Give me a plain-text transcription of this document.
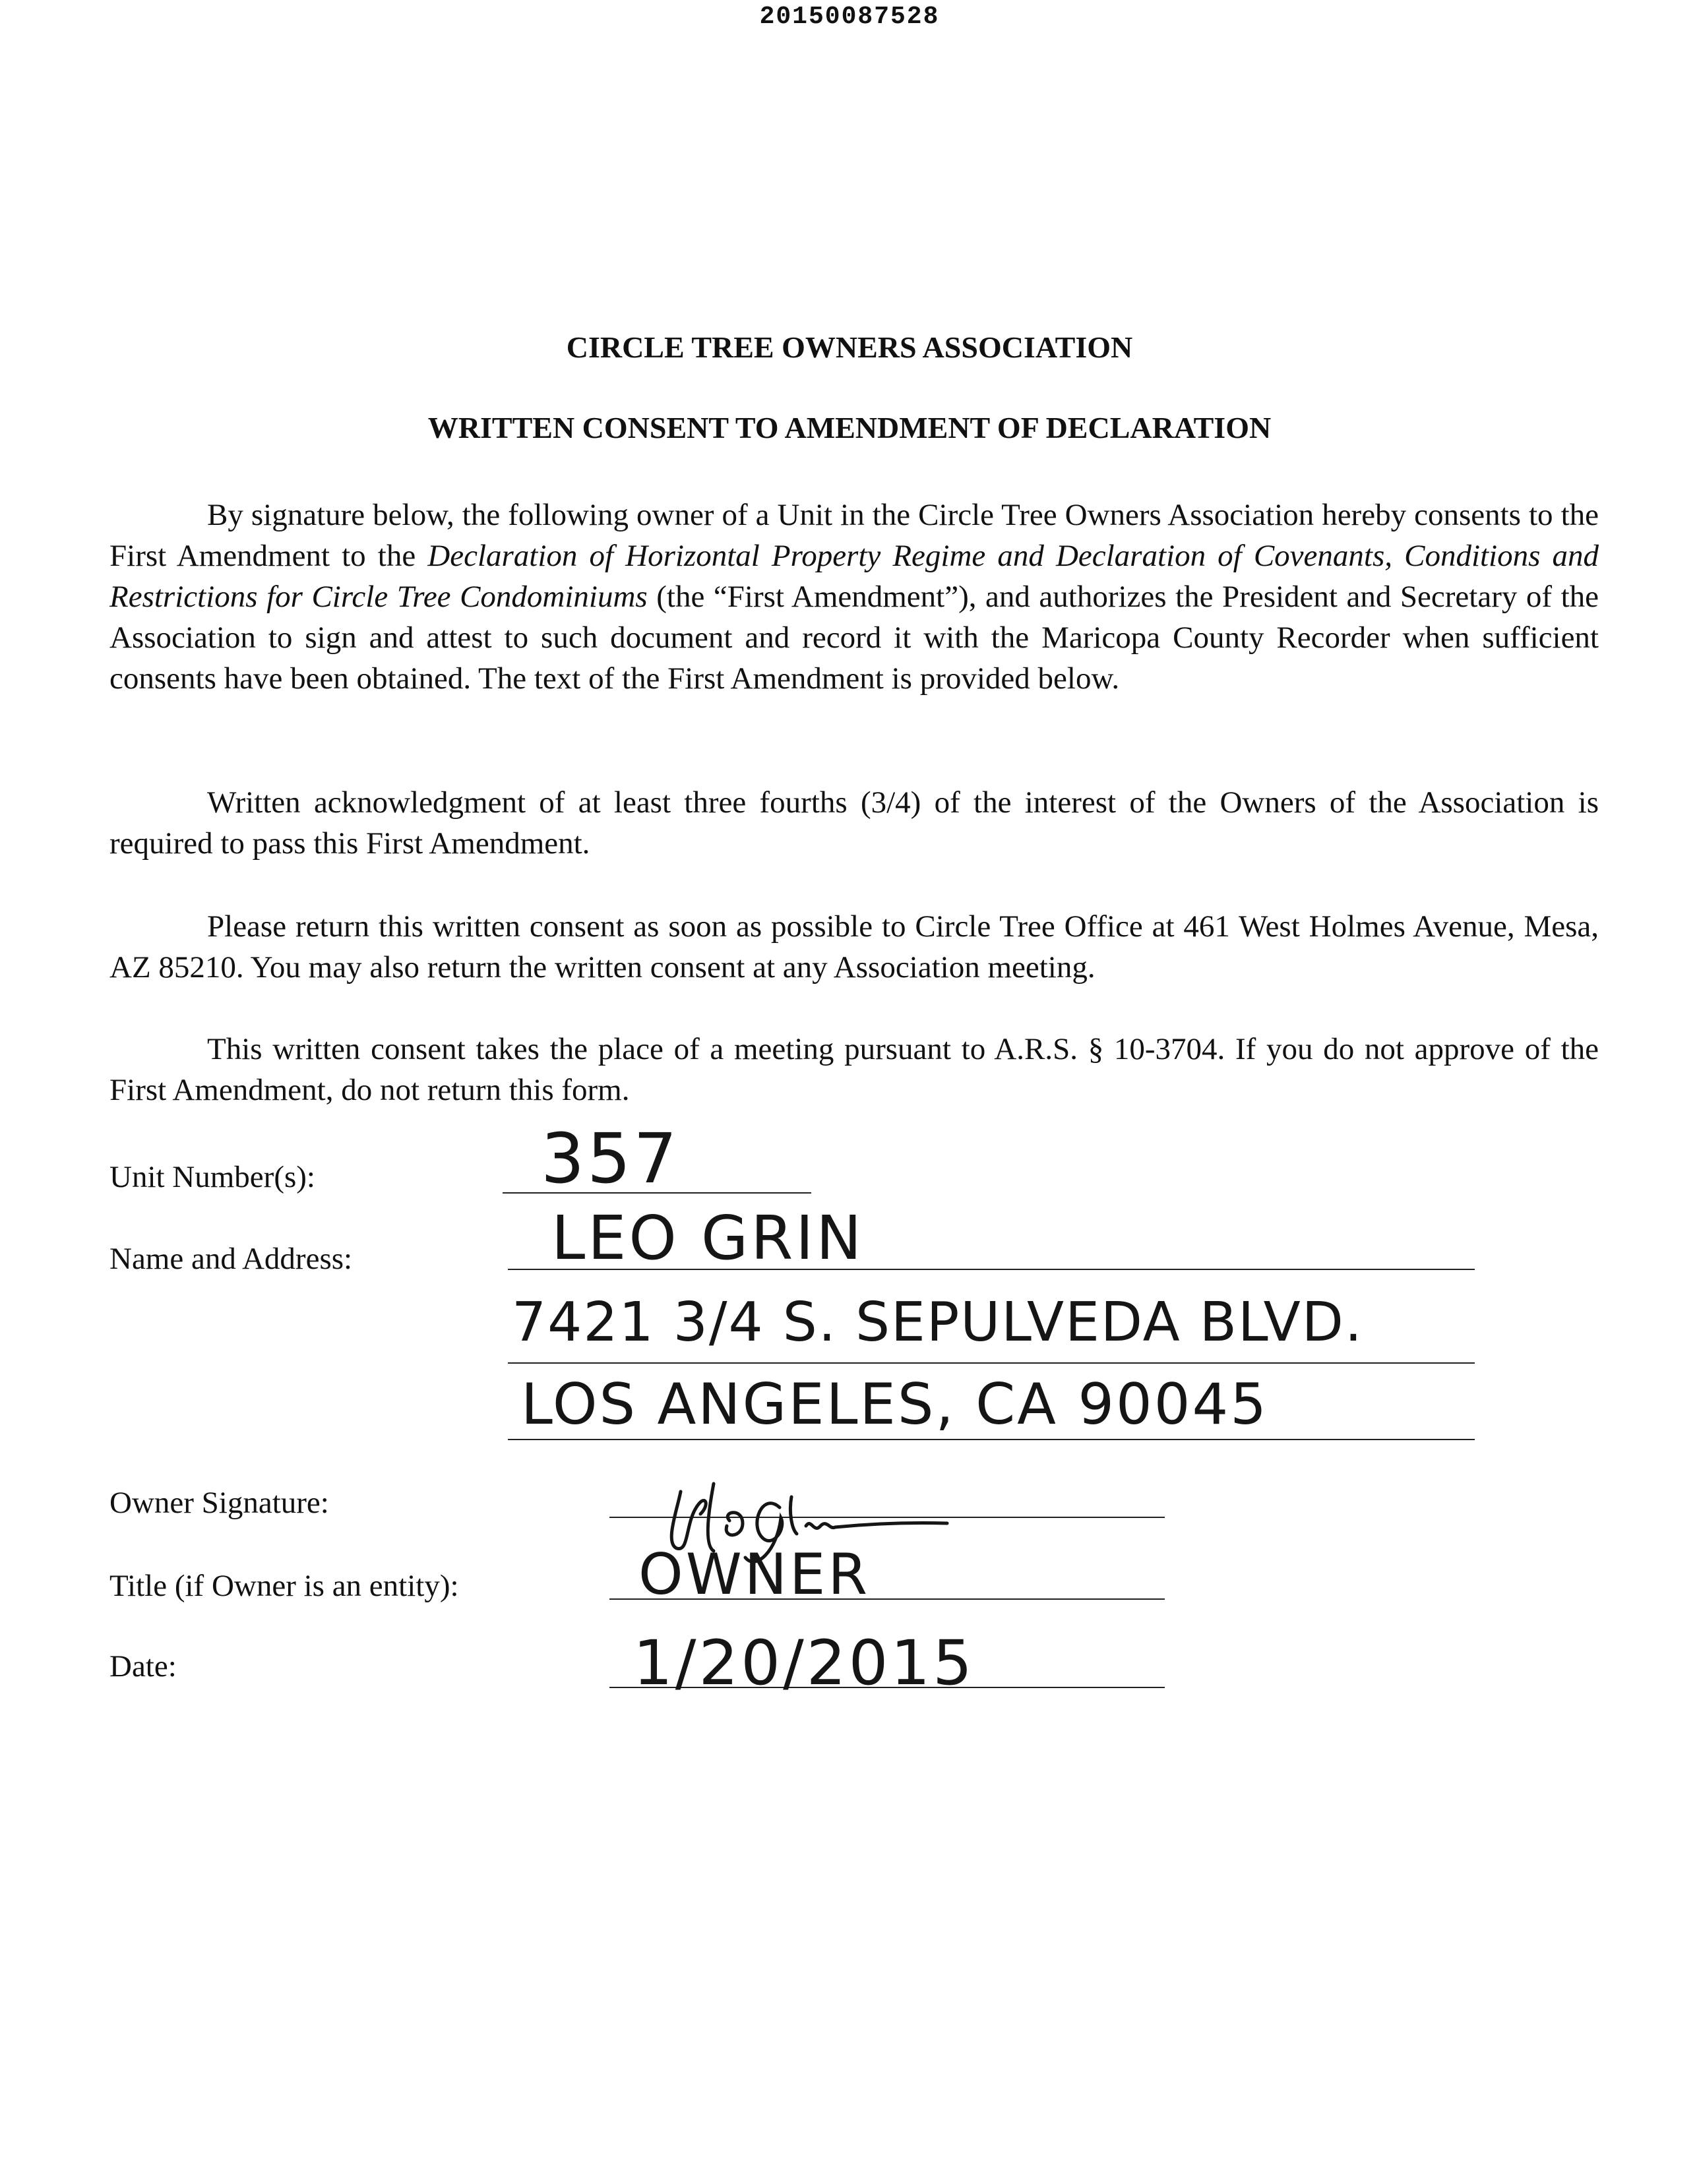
20150087528
CIRCLE TREE OWNERS ASSOCIATION
WRITTEN CONSENT TO AMENDMENT OF DECLARATION

By signature below, the following owner of a Unit in the Circle Tree Owners Association hereby consents to the First Amendment to the Declaration of Horizontal Property Regime and Declaration of Covenants, Conditions and Restrictions for Circle Tree Condominiums (the “First Amendment”), and authorizes the President and Secretary of the Association to sign and attest to such document and record it with the Maricopa County Recorder when sufficient consents have been obtained. The text of the First Amendment is provided below.

Written acknowledgment of at least three fourths (3/4) of the interest of the Owners of the Association is required to pass this First Amendment.

Please return this written consent as soon as possible to Circle Tree Office at 461 West Holmes Avenue, Mesa, AZ 85210. You may also return the written consent at any Association meeting.

This written consent takes the place of a meeting pursuant to A.R.S. § 10-3704. If you do not approve of the First Amendment, do not return this form.

Unit Number(s):
Name and Address:
Owner Signature:
Title (if Owner is an entity):
Date:
357
LEO GRIN
7421 3/4 S. SEPULVEDA BLVD.
LOS ANGELES, CA 90045
OWNER
1/20/2015
